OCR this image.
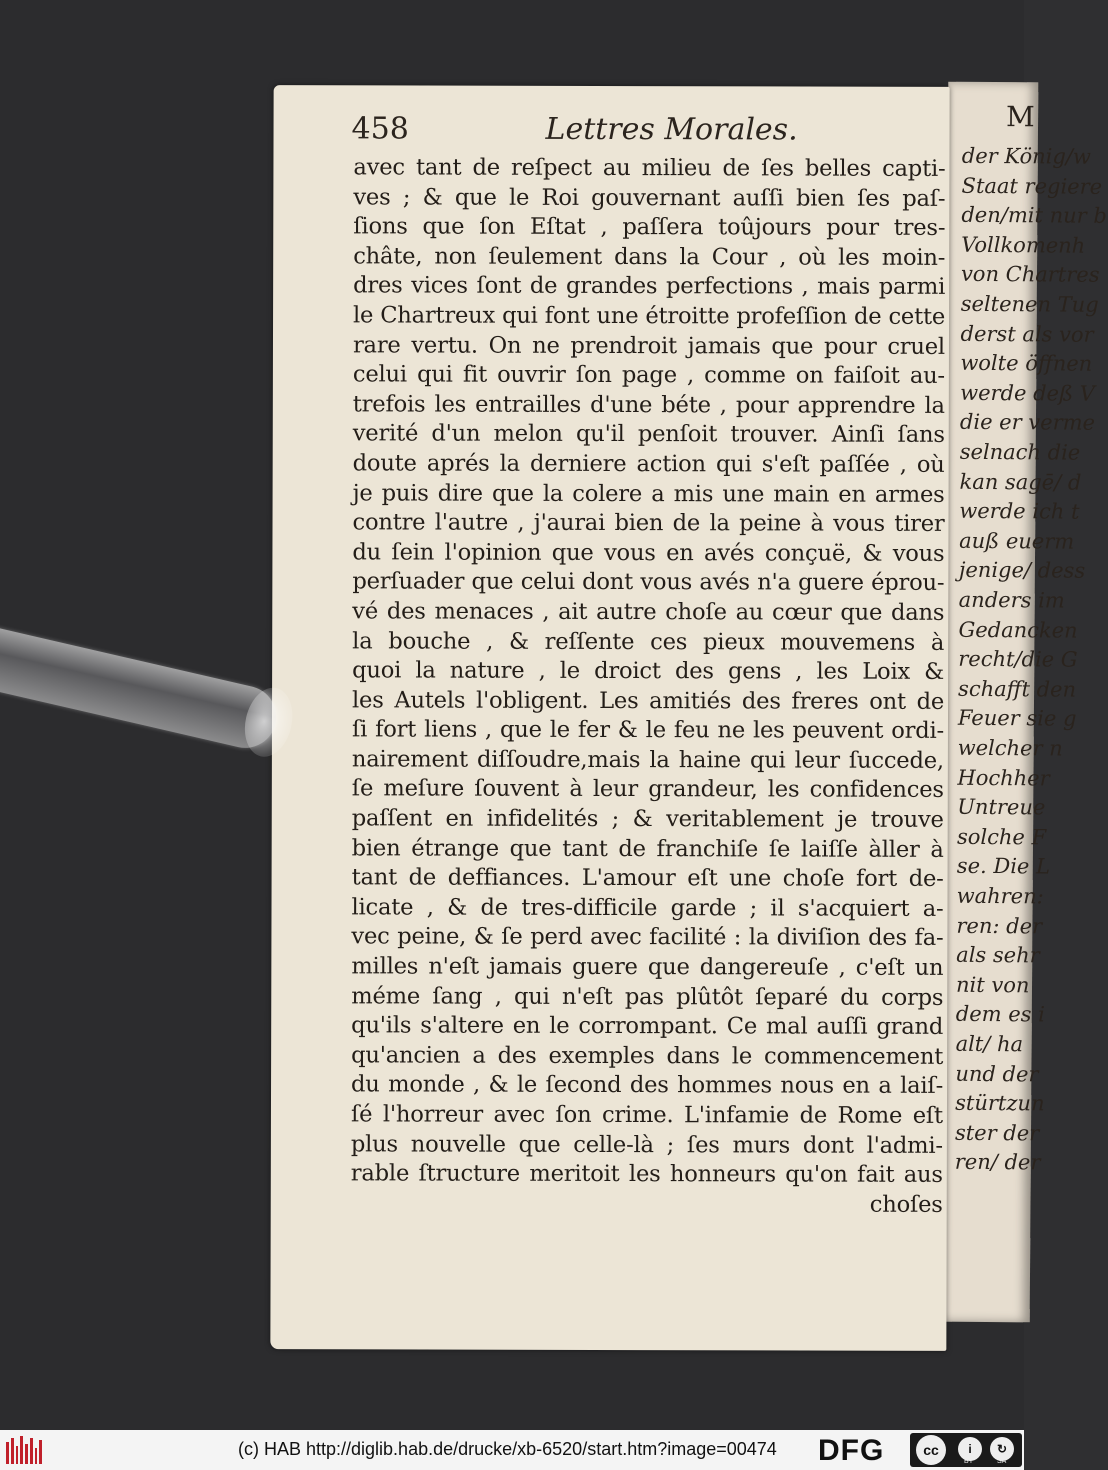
M
der König/w
Staat regiere
den/mit nur b
Vollkomenh
von Chartres
seltenen Tug
derst als vor
wolte öffnen
werde deß V
die er verme
selnach die
kan sagē/ d
werde ich t
auß euerm
jenige/ dess
anders im
Gedancken
recht/die G
schafft den
Feuer sie g
welcher n
Hochher
Untreue
solche F
se. Die L
wahren:
ren: der
als sehr
nit von
dem es i
alt/ ha
und der
stürtzun
ster der
ren/ der
458	Lettres Morales.
avec tant de reſpect au milieu de ſes belles capti-
ves ; & que le Roi gouvernant auſſi bien ſes paſ-
ſions que ſon Eſtat , paſſera toûjours pour tres-
châte, non ſeulement dans la Cour , où les moin-
dres vices ſont de grandes perfections , mais parmi
le Chartreux qui font une étroitte profeſſion de cette
rare vertu. On ne prendroit jamais que pour cruel
celui qui fit ouvrir ſon page , comme on faiſoit au-
trefois les entrailles d'une béte , pour apprendre la
verité d'un melon qu'il penſoit trouver. Ainſi ſans
doute aprés la derniere action qui s'eſt paſſée , où
je puis dire que la colere a mis une main en armes
contre l'autre , j'aurai bien de la peine à vous tirer
du ſein l'opinion que vous en avés conçuë, & vous
perſuader que celui dont vous avés n'a guere éprou-
vé des menaces , ait autre choſe au cœur que dans
la bouche , & reſſente ces pieux mouvemens à
quoi la nature , le droict des gens , les Loix &
les Autels l'obligent. Les amitiés des freres ont de
ſi fort liens , que le fer & le feu ne les peuvent ordi-
nairement diſſoudre,mais la haine qui leur ſuccede,
ſe meſure ſouvent à leur grandeur, les confidences
paſſent en infidelités ; & veritablement je trouve
bien étrange que tant de franchiſe ſe laiſſe àller à
tant de deffiances. L'amour eſt une choſe fort de-
licate , & de tres-difficile garde ; il s'acquiert a-
vec peine, & ſe perd avec facilité : la diviſion des fa-
milles n'eſt jamais guere que dangereuſe , c'eſt un
méme ſang , qui n'eſt pas plûtôt ſeparé du corps
qu'ils s'altere en le corrompant. Ce mal auſſi grand
qu'ancien a des exemples dans le commencement
du monde , & le ſecond des hommes nous en a laiſ-
ſé l'horreur avec ſon crime. L'infamie de Rome eſt
plus nouvelle que celle-là ; ſes murs dont l'admi-
rable ſtructure meritoit les honneurs qu'on fait aus
choſes
(c) HAB http://diglib.hab.de/drucke/xb-6520/start.htm?image=00474 DFG	cc	i	↻
BY	SA
